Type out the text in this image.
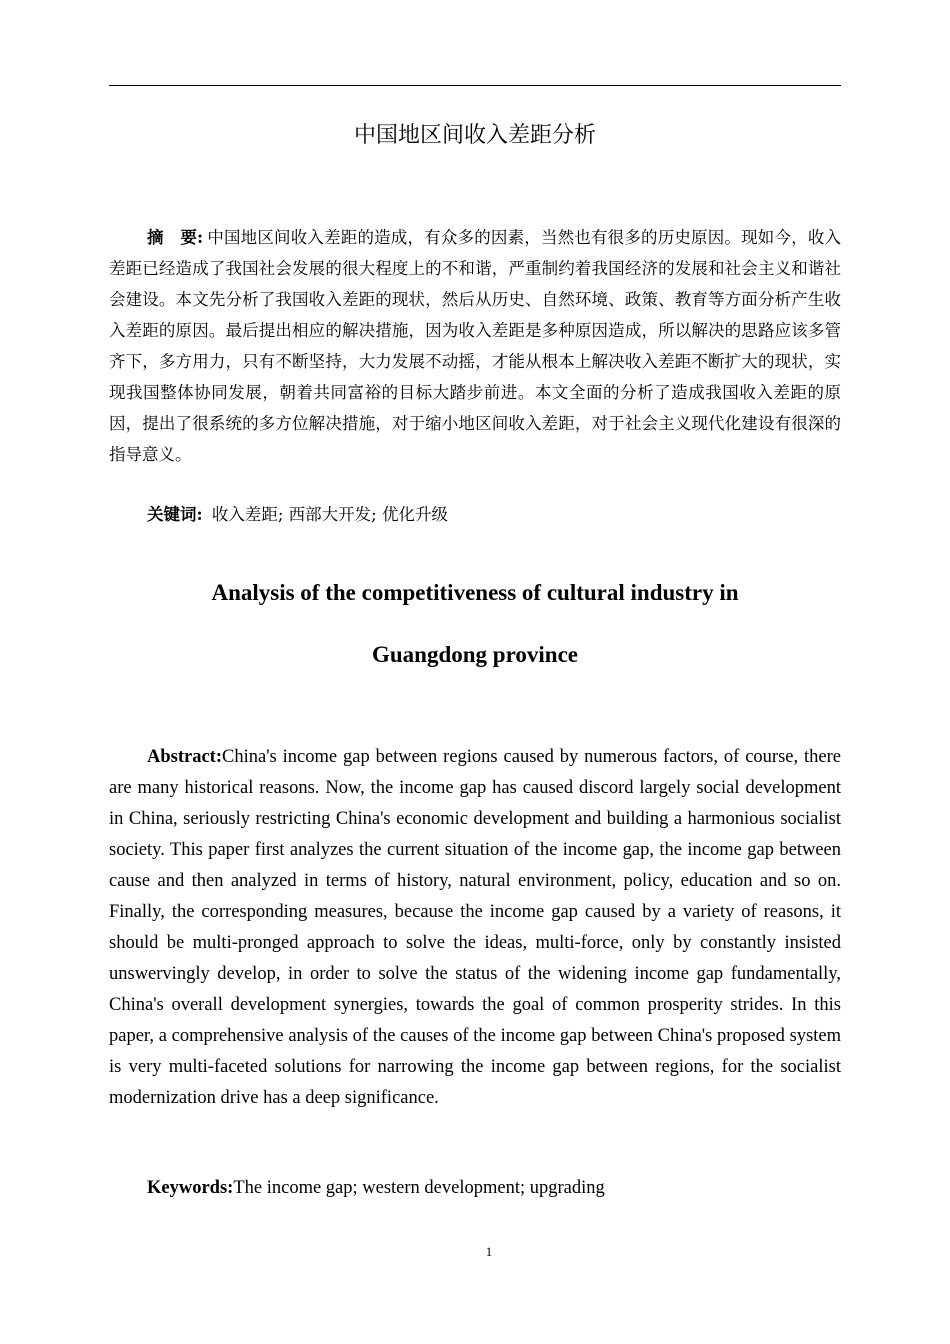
中国地区间收入差距分析

摘　要: 中国地区间收入差距的造成，有众多的因素，当然也有很多的历史原因。现如今，收入差距已经造成了我国社会发展的很大程度上的不和谐，严重制约着我国经济的发展和社会主义和谐社会建设。本文先分析了我国收入差距的现状，然后从历史、自然环境、政策、教育等方面分析产生收入差距的原因。最后提出相应的解决措施，因为收入差距是多种原因造成，所以解决的思路应该多管齐下，多方用力，只有不断坚持，大力发展不动摇，才能从根本上解决收入差距不断扩大的现状，实现我国整体协同发展，朝着共同富裕的目标大踏步前进。本文全面的分析了造成我国收入差距的原因，提出了很系统的多方位解决措施，对于缩小地区间收入差距，对于社会主义现代化建设有很深的指导意义。

关键词: 收入差距; 西部大开发; 优化升级

Analysis of the competitiveness of cultural industry in
Guangdong province

Abstract:China's income gap between regions caused by numerous factors, of course, there are many historical reasons. Now, the income gap has caused discord largely social development in China, seriously restricting China's economic development and building a harmonious socialist society. This paper first analyzes the current situation of the income gap, the income gap between cause and then analyzed in terms of history, natural environment, policy, education and so on. Finally, the corresponding measures, because the income gap caused by a variety of reasons, it should be multi-pronged approach to solve the ideas, multi-force, only by constantly insisted unswervingly develop, in order to solve the status of the widening income gap fundamentally, China's overall development synergies, towards the goal of common prosperity strides. In this paper, a comprehensive analysis of the causes of the income gap between China's proposed system is very multi-faceted solutions for narrowing the income gap between regions, for the socialist modernization drive has a deep significance.

Keywords:The income gap; western development; upgrading

1
